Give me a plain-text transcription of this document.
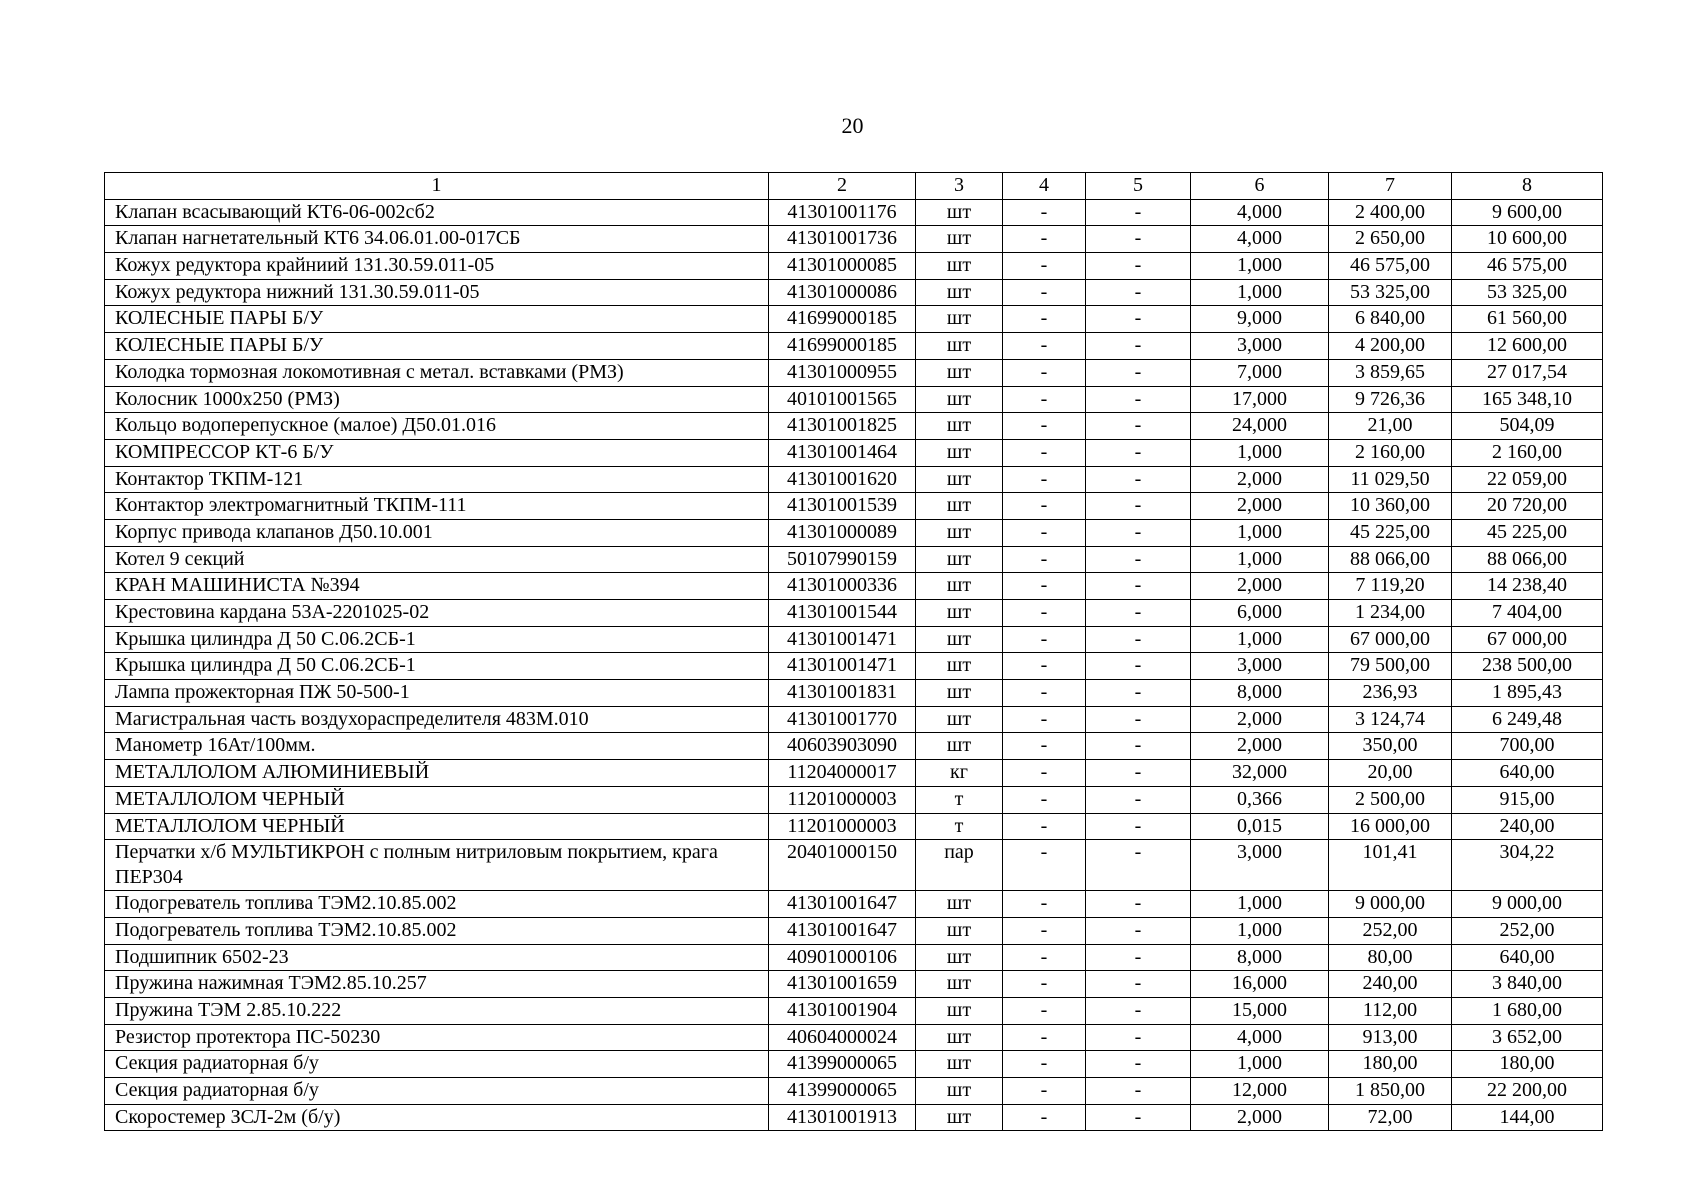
20
1	2	3	4	5	6	7	8
Клапан всасывающий КТ6-06-002сб2	41301001176	шт	-	-	4,000	2 400,00	9 600,00
Клапан нагнетательный КТ6 34.06.01.00-017СБ	41301001736	шт	-	-	4,000	2 650,00	10 600,00
Кожух редуктора крайниий 131.30.59.011-05	41301000085	шт	-	-	1,000	46 575,00	46 575,00
Кожух редуктора нижний 131.30.59.011-05	41301000086	шт	-	-	1,000	53 325,00	53 325,00
КОЛЕСНЫЕ ПАРЫ Б/У	41699000185	шт	-	-	9,000	6 840,00	61 560,00
КОЛЕСНЫЕ ПАРЫ Б/У	41699000185	шт	-	-	3,000	4 200,00	12 600,00
Колодка тормозная локомотивная с метал. вставками (РМЗ)	41301000955	шт	-	-	7,000	3 859,65	27 017,54
Колосник 1000х250 (РМЗ)	40101001565	шт	-	-	17,000	9 726,36	165 348,10
Кольцо водоперепускное (малое) Д50.01.016	41301001825	шт	-	-	24,000	21,00	504,09
КОМПРЕССОР КТ-6 Б/У	41301001464	шт	-	-	1,000	2 160,00	2 160,00
Контактор ТКПМ-121	41301001620	шт	-	-	2,000	11 029,50	22 059,00
Контактор электромагнитный ТКПМ-111	41301001539	шт	-	-	2,000	10 360,00	20 720,00
Корпус привода клапанов Д50.10.001	41301000089	шт	-	-	1,000	45 225,00	45 225,00
Котел 9 секций	50107990159	шт	-	-	1,000	88 066,00	88 066,00
КРАН МАШИНИСТА №394	41301000336	шт	-	-	2,000	7 119,20	14 238,40
Крестовина кардана 53А-2201025-02	41301001544	шт	-	-	6,000	1 234,00	7 404,00
Крышка цилиндра Д 50 С.06.2СБ-1	41301001471	шт	-	-	1,000	67 000,00	67 000,00
Крышка цилиндра Д 50 С.06.2СБ-1	41301001471	шт	-	-	3,000	79 500,00	238 500,00
Лампа прожекторная ПЖ 50-500-1	41301001831	шт	-	-	8,000	236,93	1 895,43
Магистральная часть воздухораспределителя 483М.010	41301001770	шт	-	-	2,000	3 124,74	6 249,48
Манометр 16Ат/100мм.	40603903090	шт	-	-	2,000	350,00	700,00
МЕТАЛЛОЛОМ АЛЮМИНИЕВЫЙ	11204000017	кг	-	-	32,000	20,00	640,00
МЕТАЛЛОЛОМ ЧЕРНЫЙ	11201000003	т	-	-	0,366	2 500,00	915,00
МЕТАЛЛОЛОМ ЧЕРНЫЙ	11201000003	т	-	-	0,015	16 000,00	240,00
Перчатки х/б МУЛЬТИКРОН с полным нитриловым покрытием, крага ПЕР304	20401000150	пар	-	-	3,000	101,41	304,22
Подогреватель топлива ТЭМ2.10.85.002	41301001647	шт	-	-	1,000	9 000,00	9 000,00
Подогреватель топлива ТЭМ2.10.85.002	41301001647	шт	-	-	1,000	252,00	252,00
Подшипник 6502-23	40901000106	шт	-	-	8,000	80,00	640,00
Пружина нажимная ТЭМ2.85.10.257	41301001659	шт	-	-	16,000	240,00	3 840,00
Пружина ТЭМ 2.85.10.222	41301001904	шт	-	-	15,000	112,00	1 680,00
Резистор протектора ПС-50230	40604000024	шт	-	-	4,000	913,00	3 652,00
Секция радиаторная б/у	41399000065	шт	-	-	1,000	180,00	180,00
Секция радиаторная б/у	41399000065	шт	-	-	12,000	1 850,00	22 200,00
Скоростемер ЗСЛ-2м (б/у)	41301001913	шт	-	-	2,000	72,00	144,00
